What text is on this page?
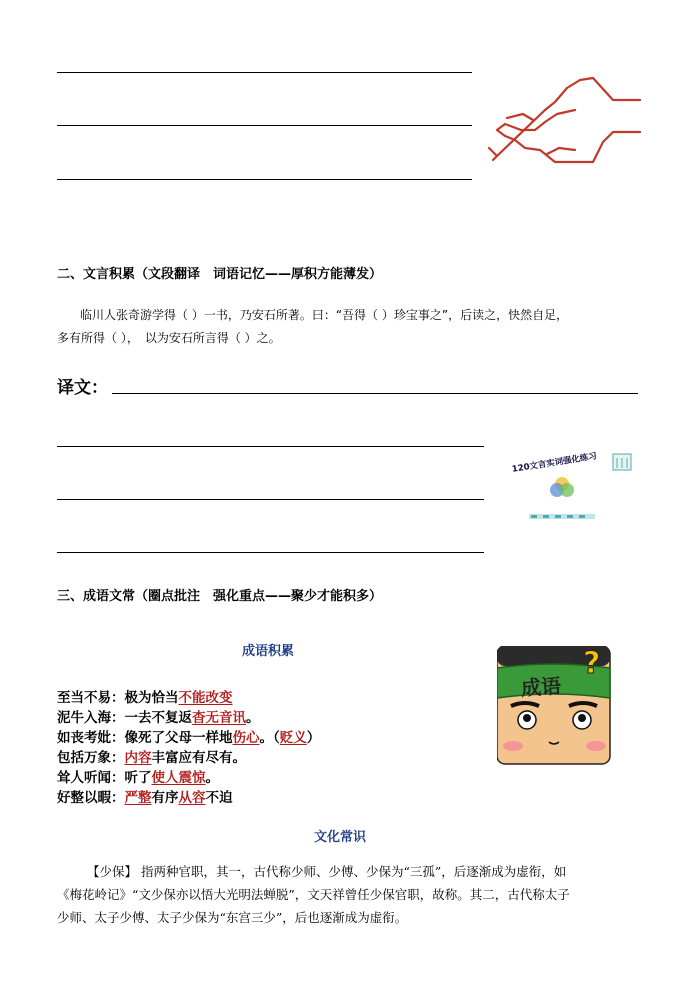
二、文言积累（文段翻译　词语记忆——厚积方能薄发）
临川人张奇游学得（ ）一书，乃安石所著。曰：“吾得（ ）珍宝事之”，后读之，快然自足，
多有所得（ ），　以为安石所言得（ ）之。
译文：
120文言实词强化练习
三、成语文常（圈点批注　强化重点——聚少才能积多）
成语积累
至当不易：极为恰当不能改变
泥牛入海：一去不复返杳无音讯。
如丧考妣：像死了父母一样地伤心。（贬义）
包括万象：内容丰富应有尽有。
耸人听闻：听了使人震惊。
好整以暇：严整有序从容不迫
成语
?
文化常识
【少保】 指两种官职，其一，古代称少师、少傅、少保为“三孤”，后逐渐成为虚衔，如
《梅花岭记》“文少保亦以悟大光明法蝉脱”，文天祥曾任少保官职，故称。其二，古代称太子
少师、太子少傅、太子少保为“东宫三少”，后也逐渐成为虚衔。
